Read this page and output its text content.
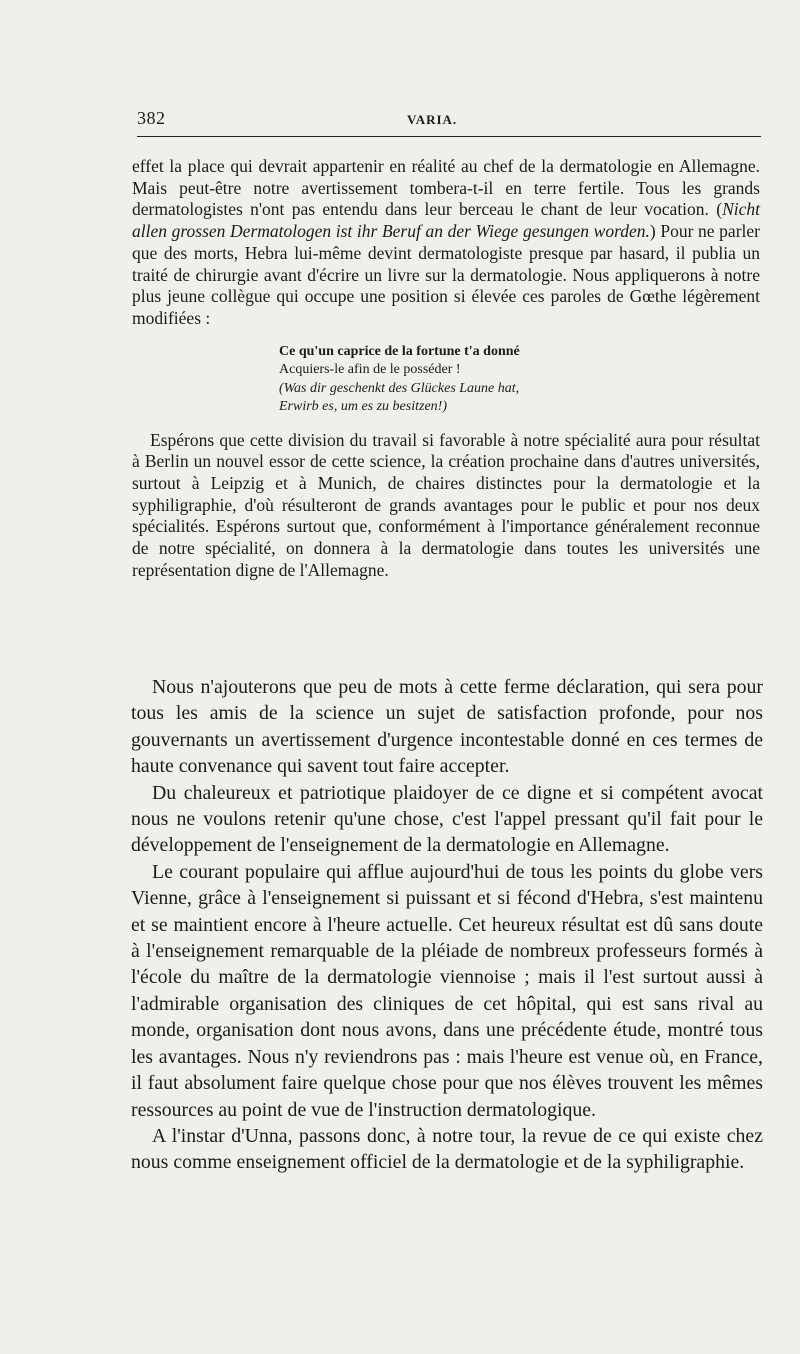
382	VARIA.

effet la place qui devrait appartenir en réalité au chef de la dermatologie en Allemagne. Mais peut-être notre avertissement tombera-t-il en terre fertile. Tous les grands dermatologistes n'ont pas entendu dans leur berceau le chant de leur vocation. (Nicht allen grossen Dermatologen ist ihr Beruf an der Wiege gesungen worden.) Pour ne parler que des morts, Hebra lui-même devint dermatologiste presque par hasard, il publia un traité de chirurgie avant d'écrire un livre sur la dermatologie. Nous appliquerons à notre plus jeune collègue qui occupe une position si élevée ces paroles de Gœthe légèrement modifiées :

Ce qu'un caprice de la fortune t'a donné
Acquiers-le afin de le posséder !
(Was dir geschenkt des Glückes Laune hat,
Erwirb es, um es zu besitzen!)

Espérons que cette division du travail si favorable à notre spécialité aura pour résultat à Berlin un nouvel essor de cette science, la création prochaine dans d'autres universités, surtout à Leipzig et à Munich, de chaires distinctes pour la dermatologie et la syphiligraphie, d'où résulteront de grands avantages pour le public et pour nos deux spécialités. Espérons surtout que, conformément à l'importance généralement reconnue de notre spécialité, on donnera à la dermatologie dans toutes les universités une représentation digne de l'Allemagne.

Nous n'ajouterons que peu de mots à cette ferme déclaration, qui sera pour tous les amis de la science un sujet de satisfaction profonde, pour nos gouvernants un avertissement d'urgence incontestable donné en ces termes de haute convenance qui savent tout faire accepter.

Du chaleureux et patriotique plaidoyer de ce digne et si compétent avocat nous ne voulons retenir qu'une chose, c'est l'appel pressant qu'il fait pour le développement de l'enseignement de la dermatologie en Allemagne.

Le courant populaire qui afflue aujourd'hui de tous les points du globe vers Vienne, grâce à l'enseignement si puissant et si fécond d'Hebra, s'est maintenu et se maintient encore à l'heure actuelle. Cet heureux résultat est dû sans doute à l'enseignement remarquable de la pléiade de nombreux professeurs formés à l'école du maître de la dermatologie viennoise ; mais il l'est surtout aussi à l'admirable organisation des cliniques de cet hôpital, qui est sans rival au monde, organisation dont nous avons, dans une précédente étude, montré tous les avantages. Nous n'y reviendrons pas : mais l'heure est venue où, en France, il faut absolument faire quelque chose pour que nos élèves trouvent les mêmes ressources au point de vue de l'instruction dermatologique.

A l'instar d'Unna, passons donc, à notre tour, la revue de ce qui existe chez nous comme enseignement officiel de la dermatologie et de la syphiligraphie.
